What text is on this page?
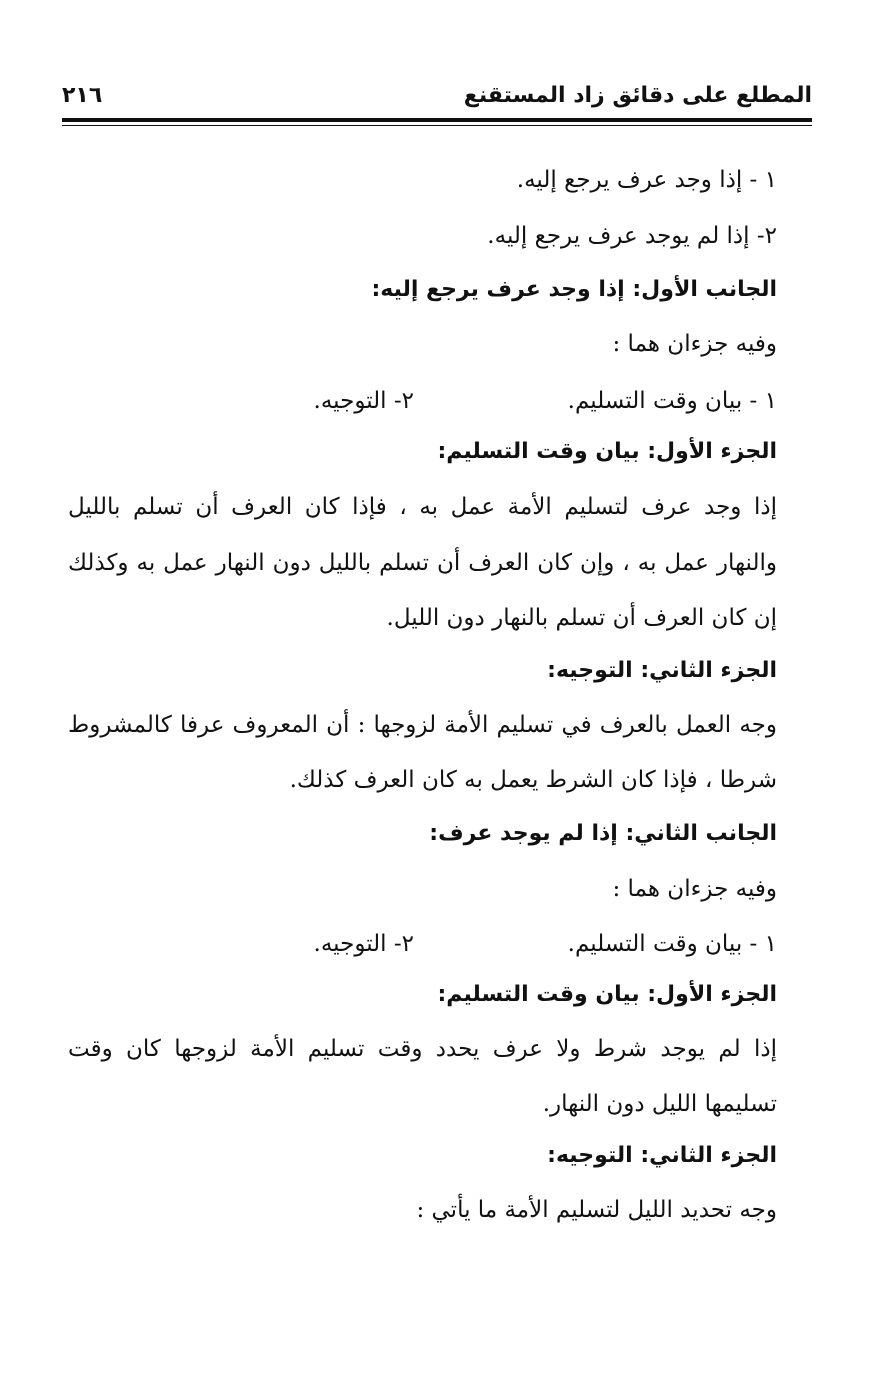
المطلع على دقائق زاد المستقنع
٢١٦
١ - إذا وجد عرف يرجع إليه.
٢- إذا لم يوجد عرف يرجع إليه.
الجانب الأول: إذا وجد عرف يرجع إليه:
وفيه جزءان هما :
١ - بيان وقت التسليم.
٢- التوجيه.
الجزء الأول: بيان وقت التسليم:
إذا وجد عرف لتسليم الأمة عمل به ، فإذا كان العرف أن تسلم بالليل
والنهار عمل به ، وإن كان العرف أن تسلم بالليل دون النهار عمل به وكذلك
إن كان العرف أن تسلم بالنهار دون الليل.
الجزء الثاني: التوجيه:
وجه العمل بالعرف في تسليم الأمة لزوجها : أن المعروف عرفا كالمشروط
شرطا ، فإذا كان الشرط يعمل به كان العرف كذلك.
الجانب الثاني: إذا لم يوجد عرف:
وفيه جزءان هما :
١ - بيان وقت التسليم.
٢- التوجيه.
الجزء الأول: بيان وقت التسليم:
إذا لم يوجد شرط ولا عرف يحدد وقت تسليم الأمة لزوجها كان وقت
تسليمها الليل دون النهار.
الجزء الثاني: التوجيه:
وجه تحديد الليل لتسليم الأمة ما يأتي :
